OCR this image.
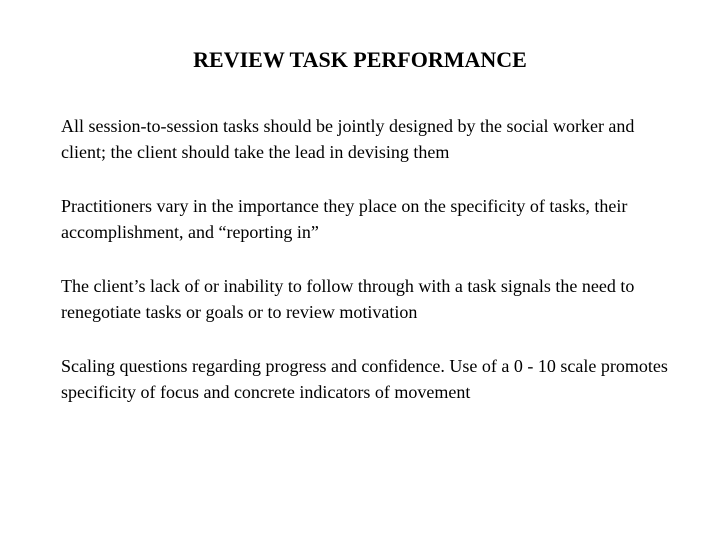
REVIEW TASK PERFORMANCE
All session-to-session tasks should be jointly designed by the social worker and client; the client should take the lead in devising them
Practitioners vary in the importance they place on the specificity of tasks, their accomplishment, and “reporting in”
The client’s lack of or inability to follow through with a task signals the need to renegotiate tasks or goals or to review motivation
Scaling questions regarding progress and confidence. Use of a 0 - 10 scale promotes specificity of focus and concrete indicators of movement
